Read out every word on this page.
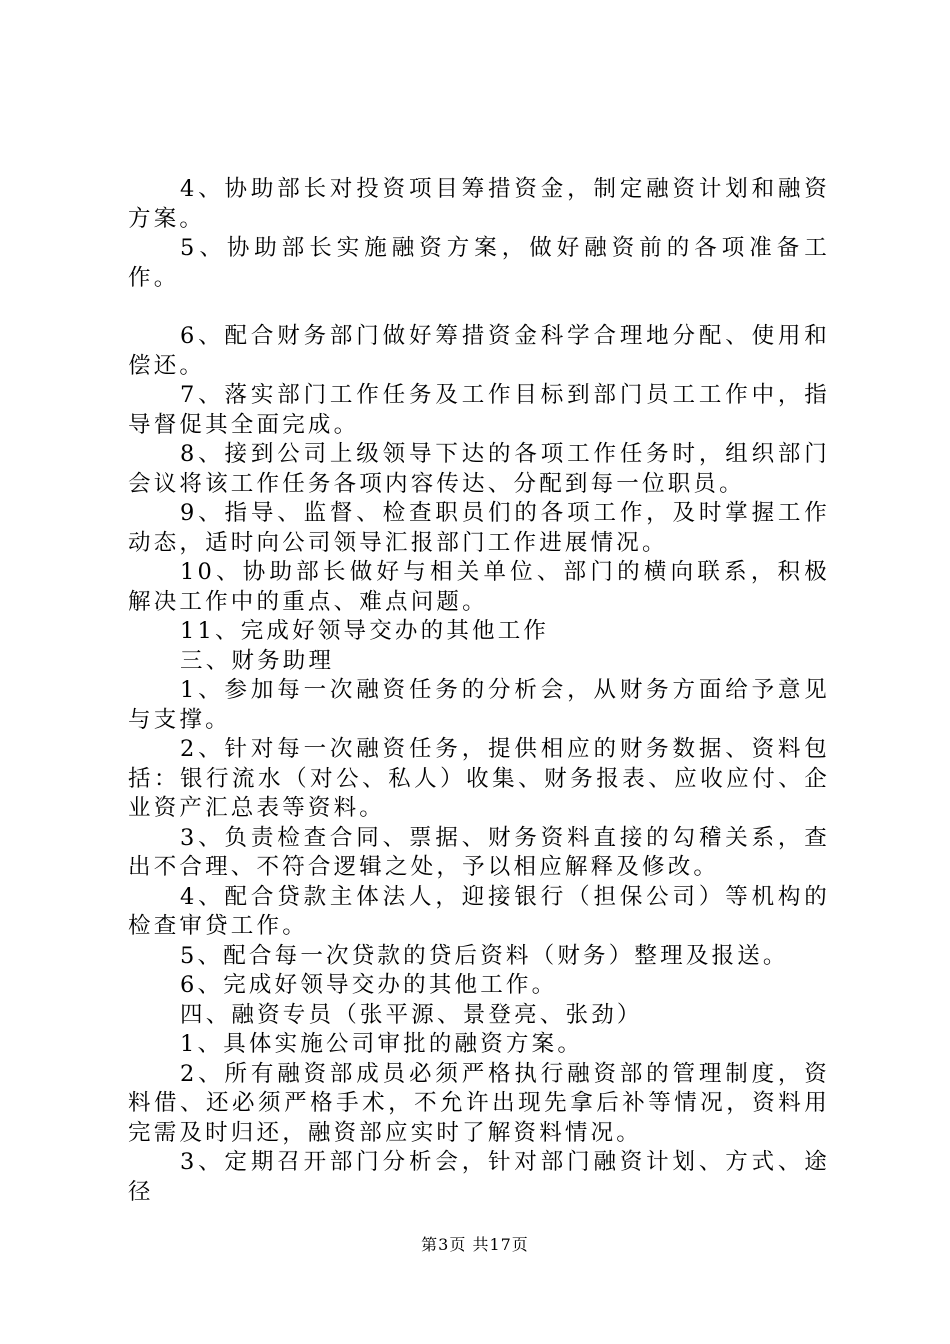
4、协助部长对投资项目筹措资金，制定融资计划和融资方案。

5、协助部长实施融资方案，做好融资前的各项准备工作。

6、配合财务部门做好筹措资金科学合理地分配、使用和偿还。

7、落实部门工作任务及工作目标到部门员工工作中，指导督促其全面完成。

8、接到公司上级领导下达的各项工作任务时，组织部门会议将该工作任务各项内容传达、分配到每一位职员。

9、指导、监督、检查职员们的各项工作，及时掌握工作动态，适时向公司领导汇报部门工作进展情况。

10、协助部长做好与相关单位、部门的横向联系，积极解决工作中的重点、难点问题。

11、完成好领导交办的其他工作

三、财务助理

1、参加每一次融资任务的分析会，从财务方面给予意见与支撑。

2、针对每一次融资任务，提供相应的财务数据、资料包括：银行流水（对公、私人）收集、财务报表、应收应付、企业资产汇总表等资料。

3、负责检查合同、票据、财务资料直接的勾稽关系，查出不合理、不符合逻辑之处，予以相应解释及修改。

4、配合贷款主体法人，迎接银行（担保公司）等机构的检查审贷工作。

5、配合每一次贷款的贷后资料（财务）整理及报送。

6、完成好领导交办的其他工作。

四、融资专员（张平源、景登亮、张劲）

1、具体实施公司审批的融资方案。

2、所有融资部成员必须严格执行融资部的管理制度，资料借、还必须严格手术，不允许出现先拿后补等情况，资料用完需及时归还，融资部应实时了解资料情况。

3、定期召开部门分析会，针对部门融资计划、方式、途径

第3页 共17页
